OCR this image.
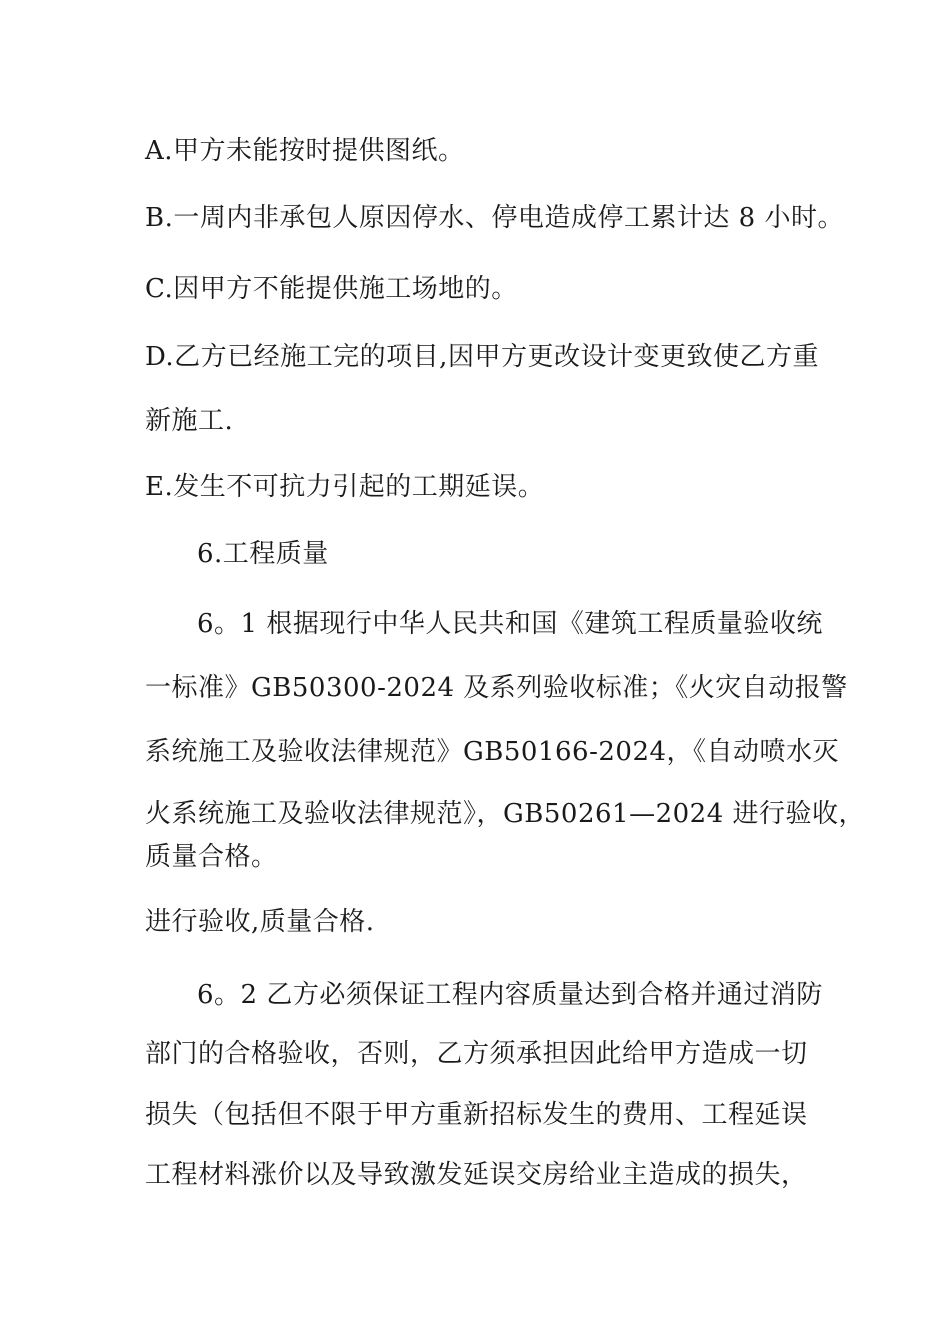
A.甲方未能按时提供图纸。
B.一周内非承包人原因停水、停电造成停工累计达 8 小时。
C.因甲方不能提供施工场地的。
D.乙方已经施工完的项目,因甲方更改设计变更致使乙方重
新施工.
E.发生不可抗力引起的工期延误。
6.工程质量
6。1 根据现行中华人民共和国《建筑工程质量验收统
一标准》GB50300-2024 及系列验收标准；《火灾自动报警
系统施工及验收法律规范》GB50166-2024，《自动喷水灭
火系统施工及验收法律规范》，GB50261—2024 进行验收，
质量合格。
进行验收,质量合格.
6。2 乙方必须保证工程内容质量达到合格并通过消防
部门的合格验收，否则，乙方须承担因此给甲方造成一切
损失（包括但不限于甲方重新招标发生的费用、工程延误
工程材料涨价以及导致激发延误交房给业主造成的损失，
